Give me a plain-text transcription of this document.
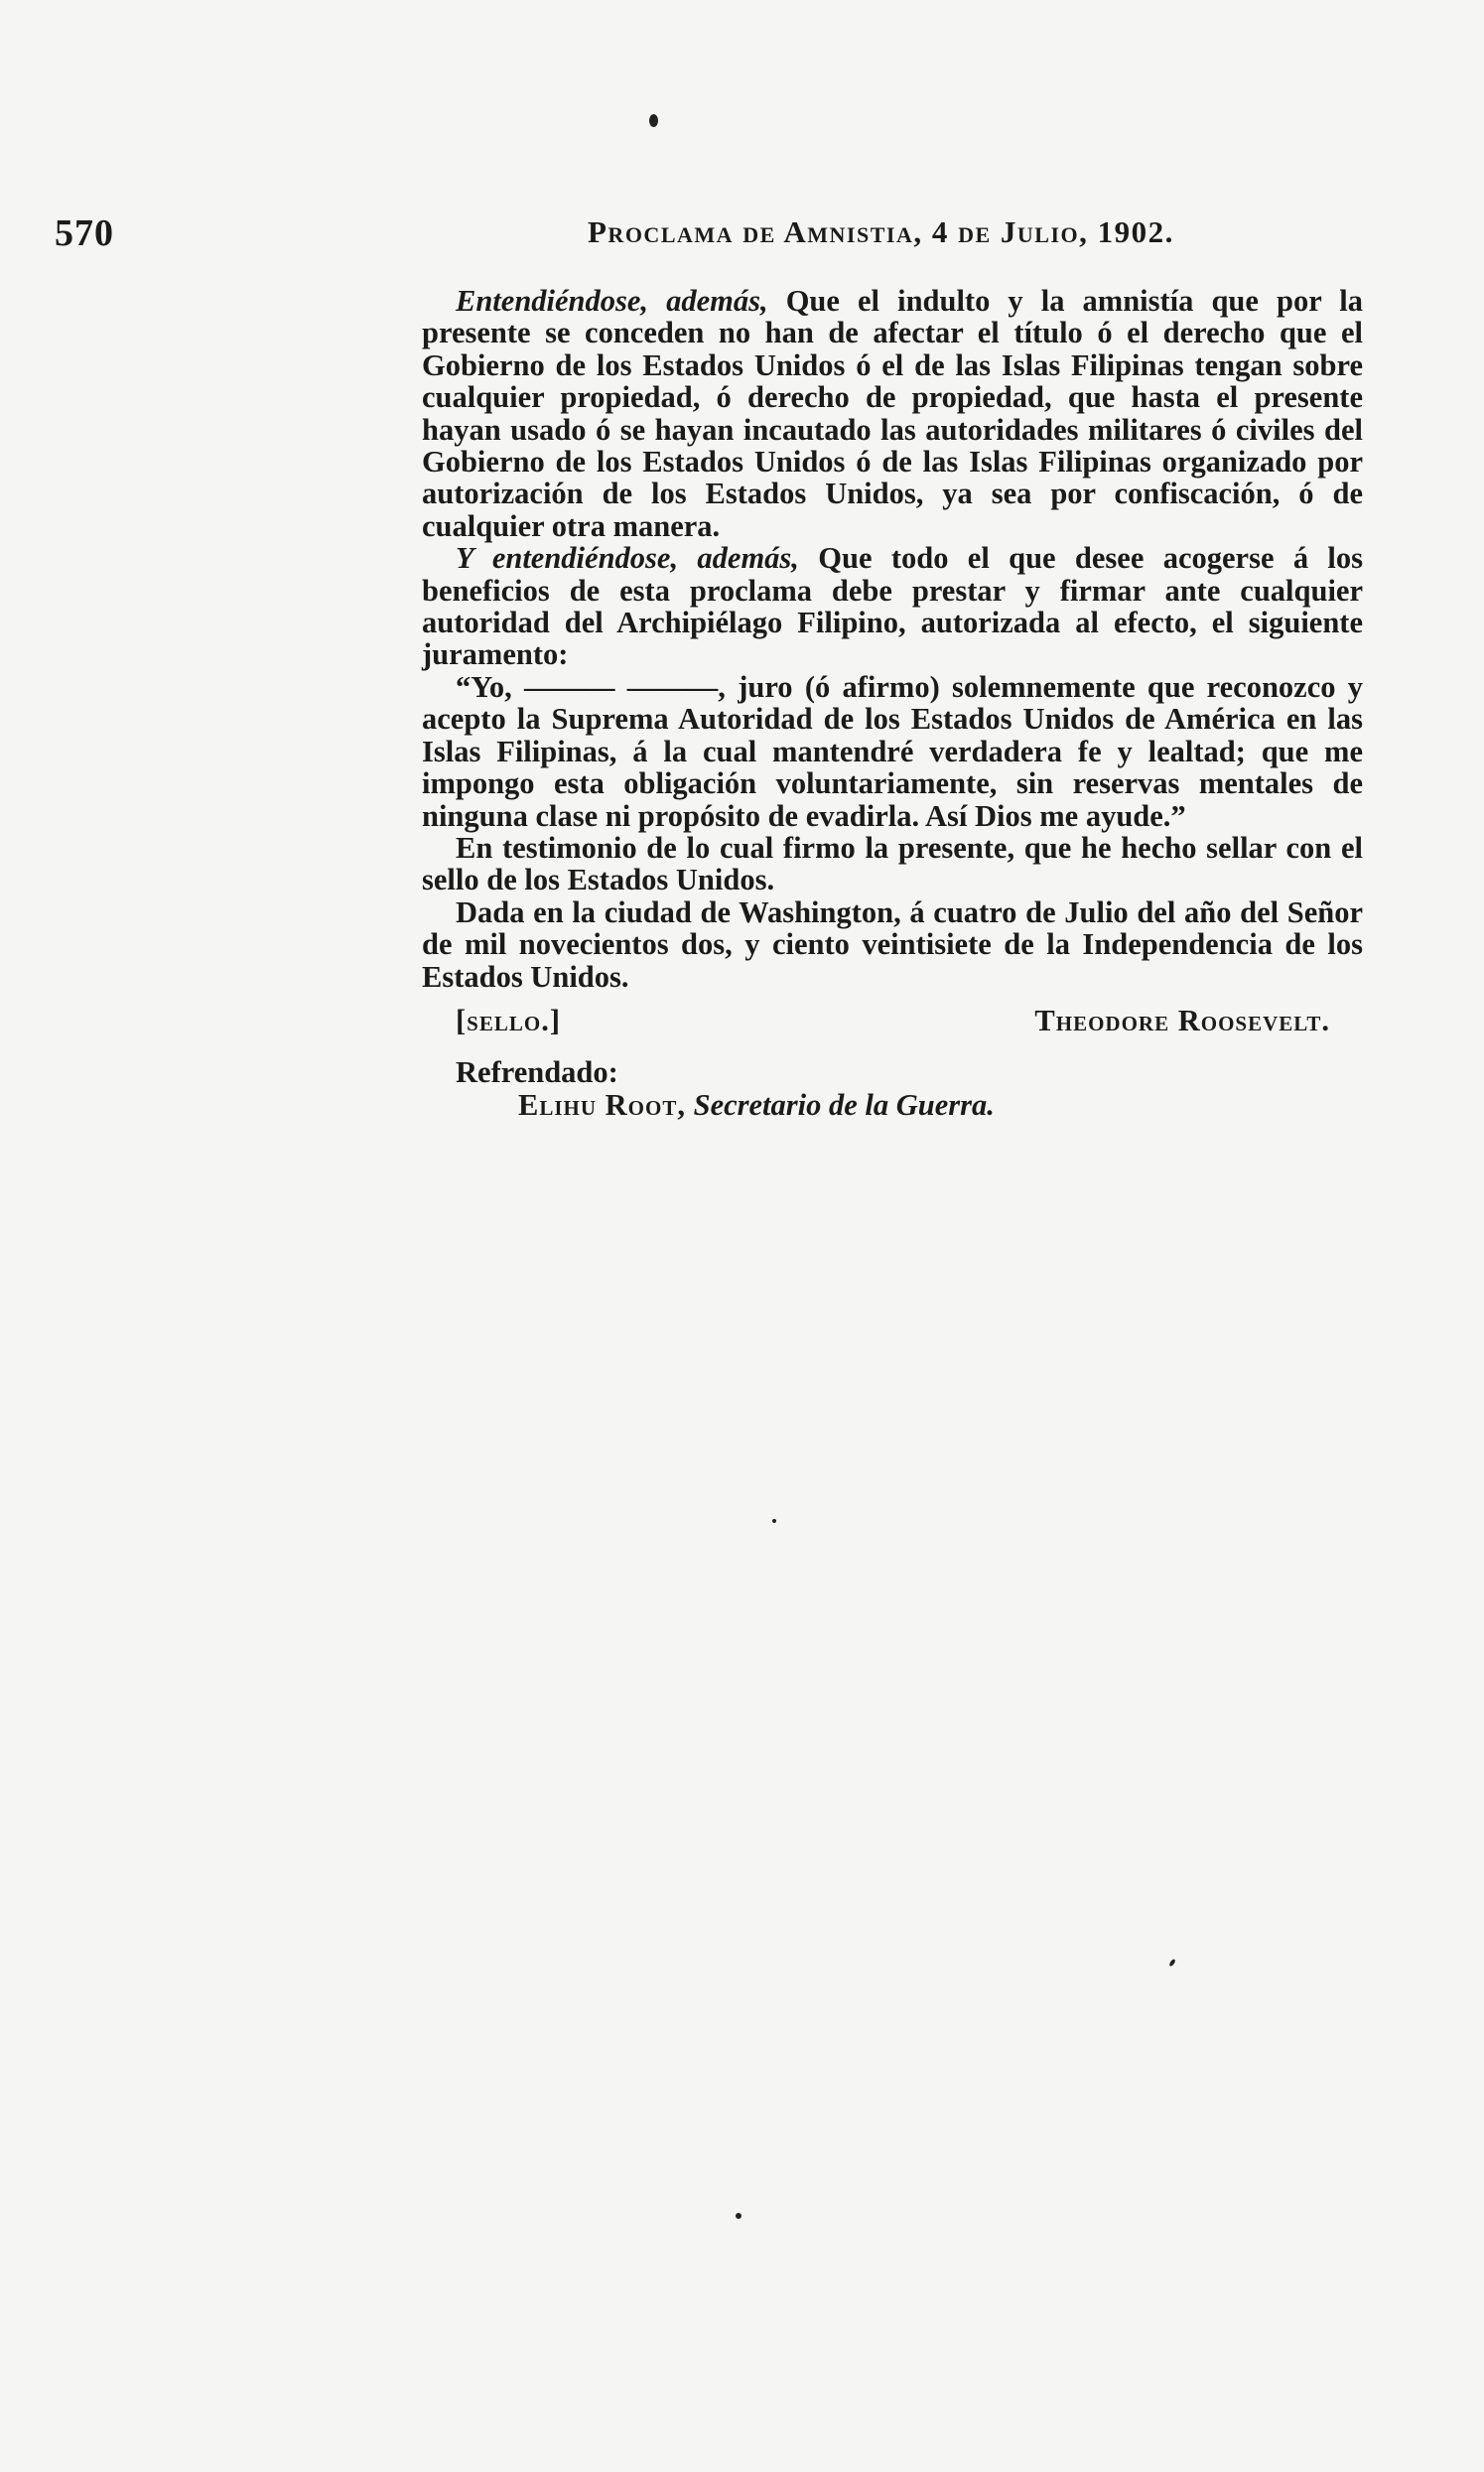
570	Proclama de Amnistia, 4 de Julio, 1902.

Entendiéndose, además, Que el indulto y la amnistía que por la presente se conceden no han de afectar el título ó el derecho que el Gobierno de los Estados Unidos ó el de las Islas Filipinas tengan sobre cualquier propiedad, ó derecho de propiedad, que hasta el presente hayan usado ó se hayan incautado las autoridades militares ó civiles del Gobierno de los Estados Unidos ó de las Islas Filipinas organizado por autorización de los Estados Unidos, ya sea por confiscación, ó de cualquier otra manera.

Y entendiéndose, además, Que todo el que desee acogerse á los beneficios de esta proclama debe prestar y firmar ante cualquier autoridad del Archipiélago Filipino, autorizada al efecto, el siguiente juramento:

“Yo, ——— ———, juro (ó afirmo) solemnemente que reconozco y acepto la Suprema Autoridad de los Estados Unidos de América en las Islas Filipinas, á la cual mantendré verdadera fe y lealtad; que me impongo esta obligación voluntariamente, sin reservas mentales de ninguna clase ni propósito de evadirla. Así Dios me ayude.”

En testimonio de lo cual firmo la presente, que he hecho sellar con el sello de los Estados Unidos.

Dada en la ciudad de Washington, á cuatro de Julio del año del Señor de mil novecientos dos, y ciento veintisiete de la Independencia de los Estados Unidos.

[sello.]	Theodore Roosevelt.
Refrendado:
Elihu Root, Secretario de la Guerra.
